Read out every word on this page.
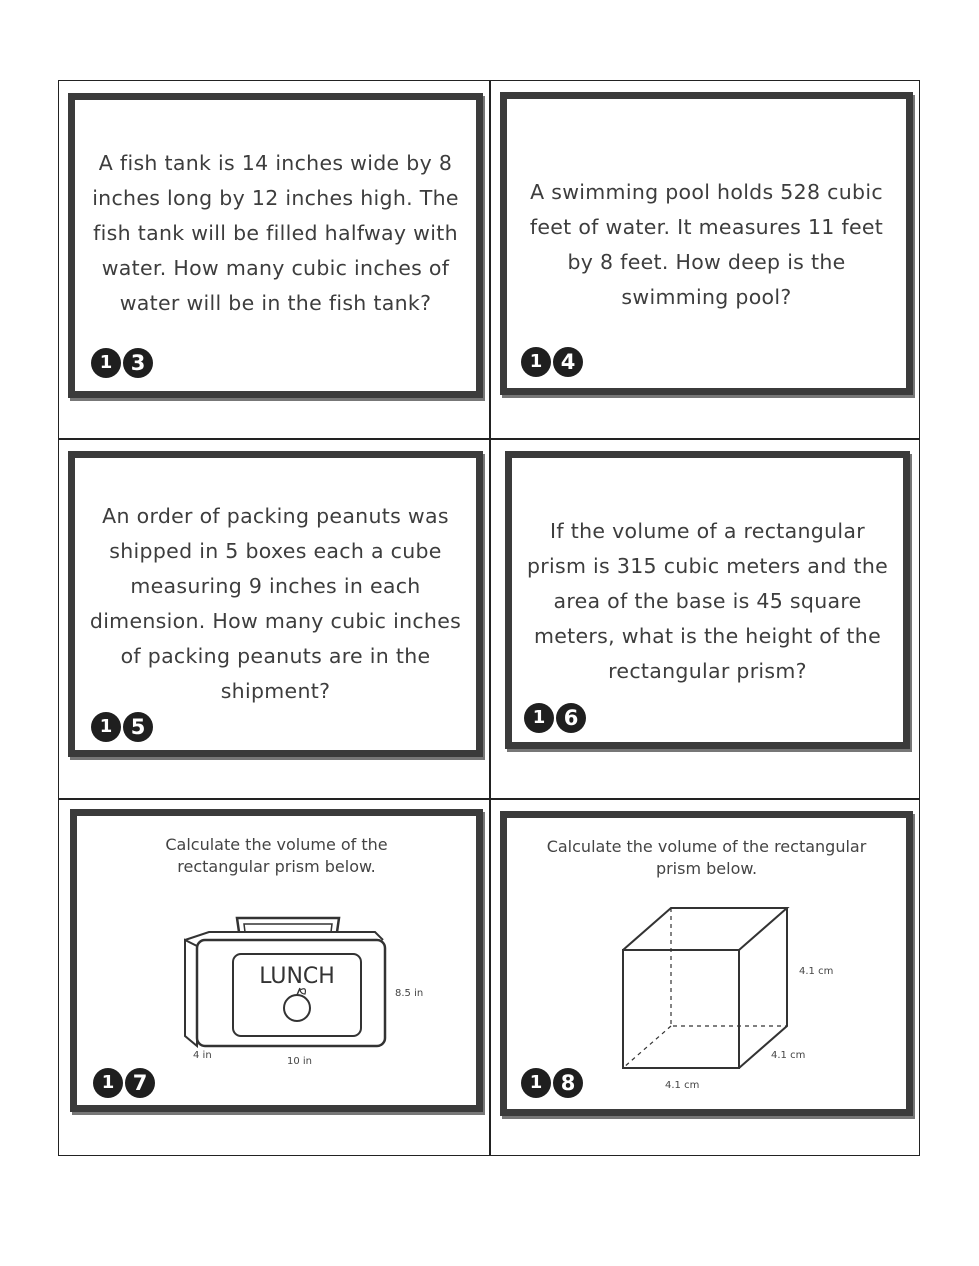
A fish tank is 14 inches wide by 8 inches long by 12 inches high. The fish tank will be filled halfway with water. How many cubic inches of water will be in the fish tank?
1 3
A swimming pool holds 528 cubic feet of water. It measures 11 feet by 8 feet. How deep is the swimming pool?
1 4
An order of packing peanuts was shipped in 5 boxes each a cube measuring 9 inches in each dimension. How many cubic inches of packing peanuts are in the shipment?
1 5
If the volume of a rectangular prism is 315 cubic meters and the area of the base is 45 square meters, what is the height of the rectangular prism?
1 6
Calculate the volume of the rectangular prism below.
LUNCH
8.5 in
4 in
10 in
1 7
Calculate the volume of the rectangular prism below.
4.1 cm
4.1 cm
4.1 cm
1 8
